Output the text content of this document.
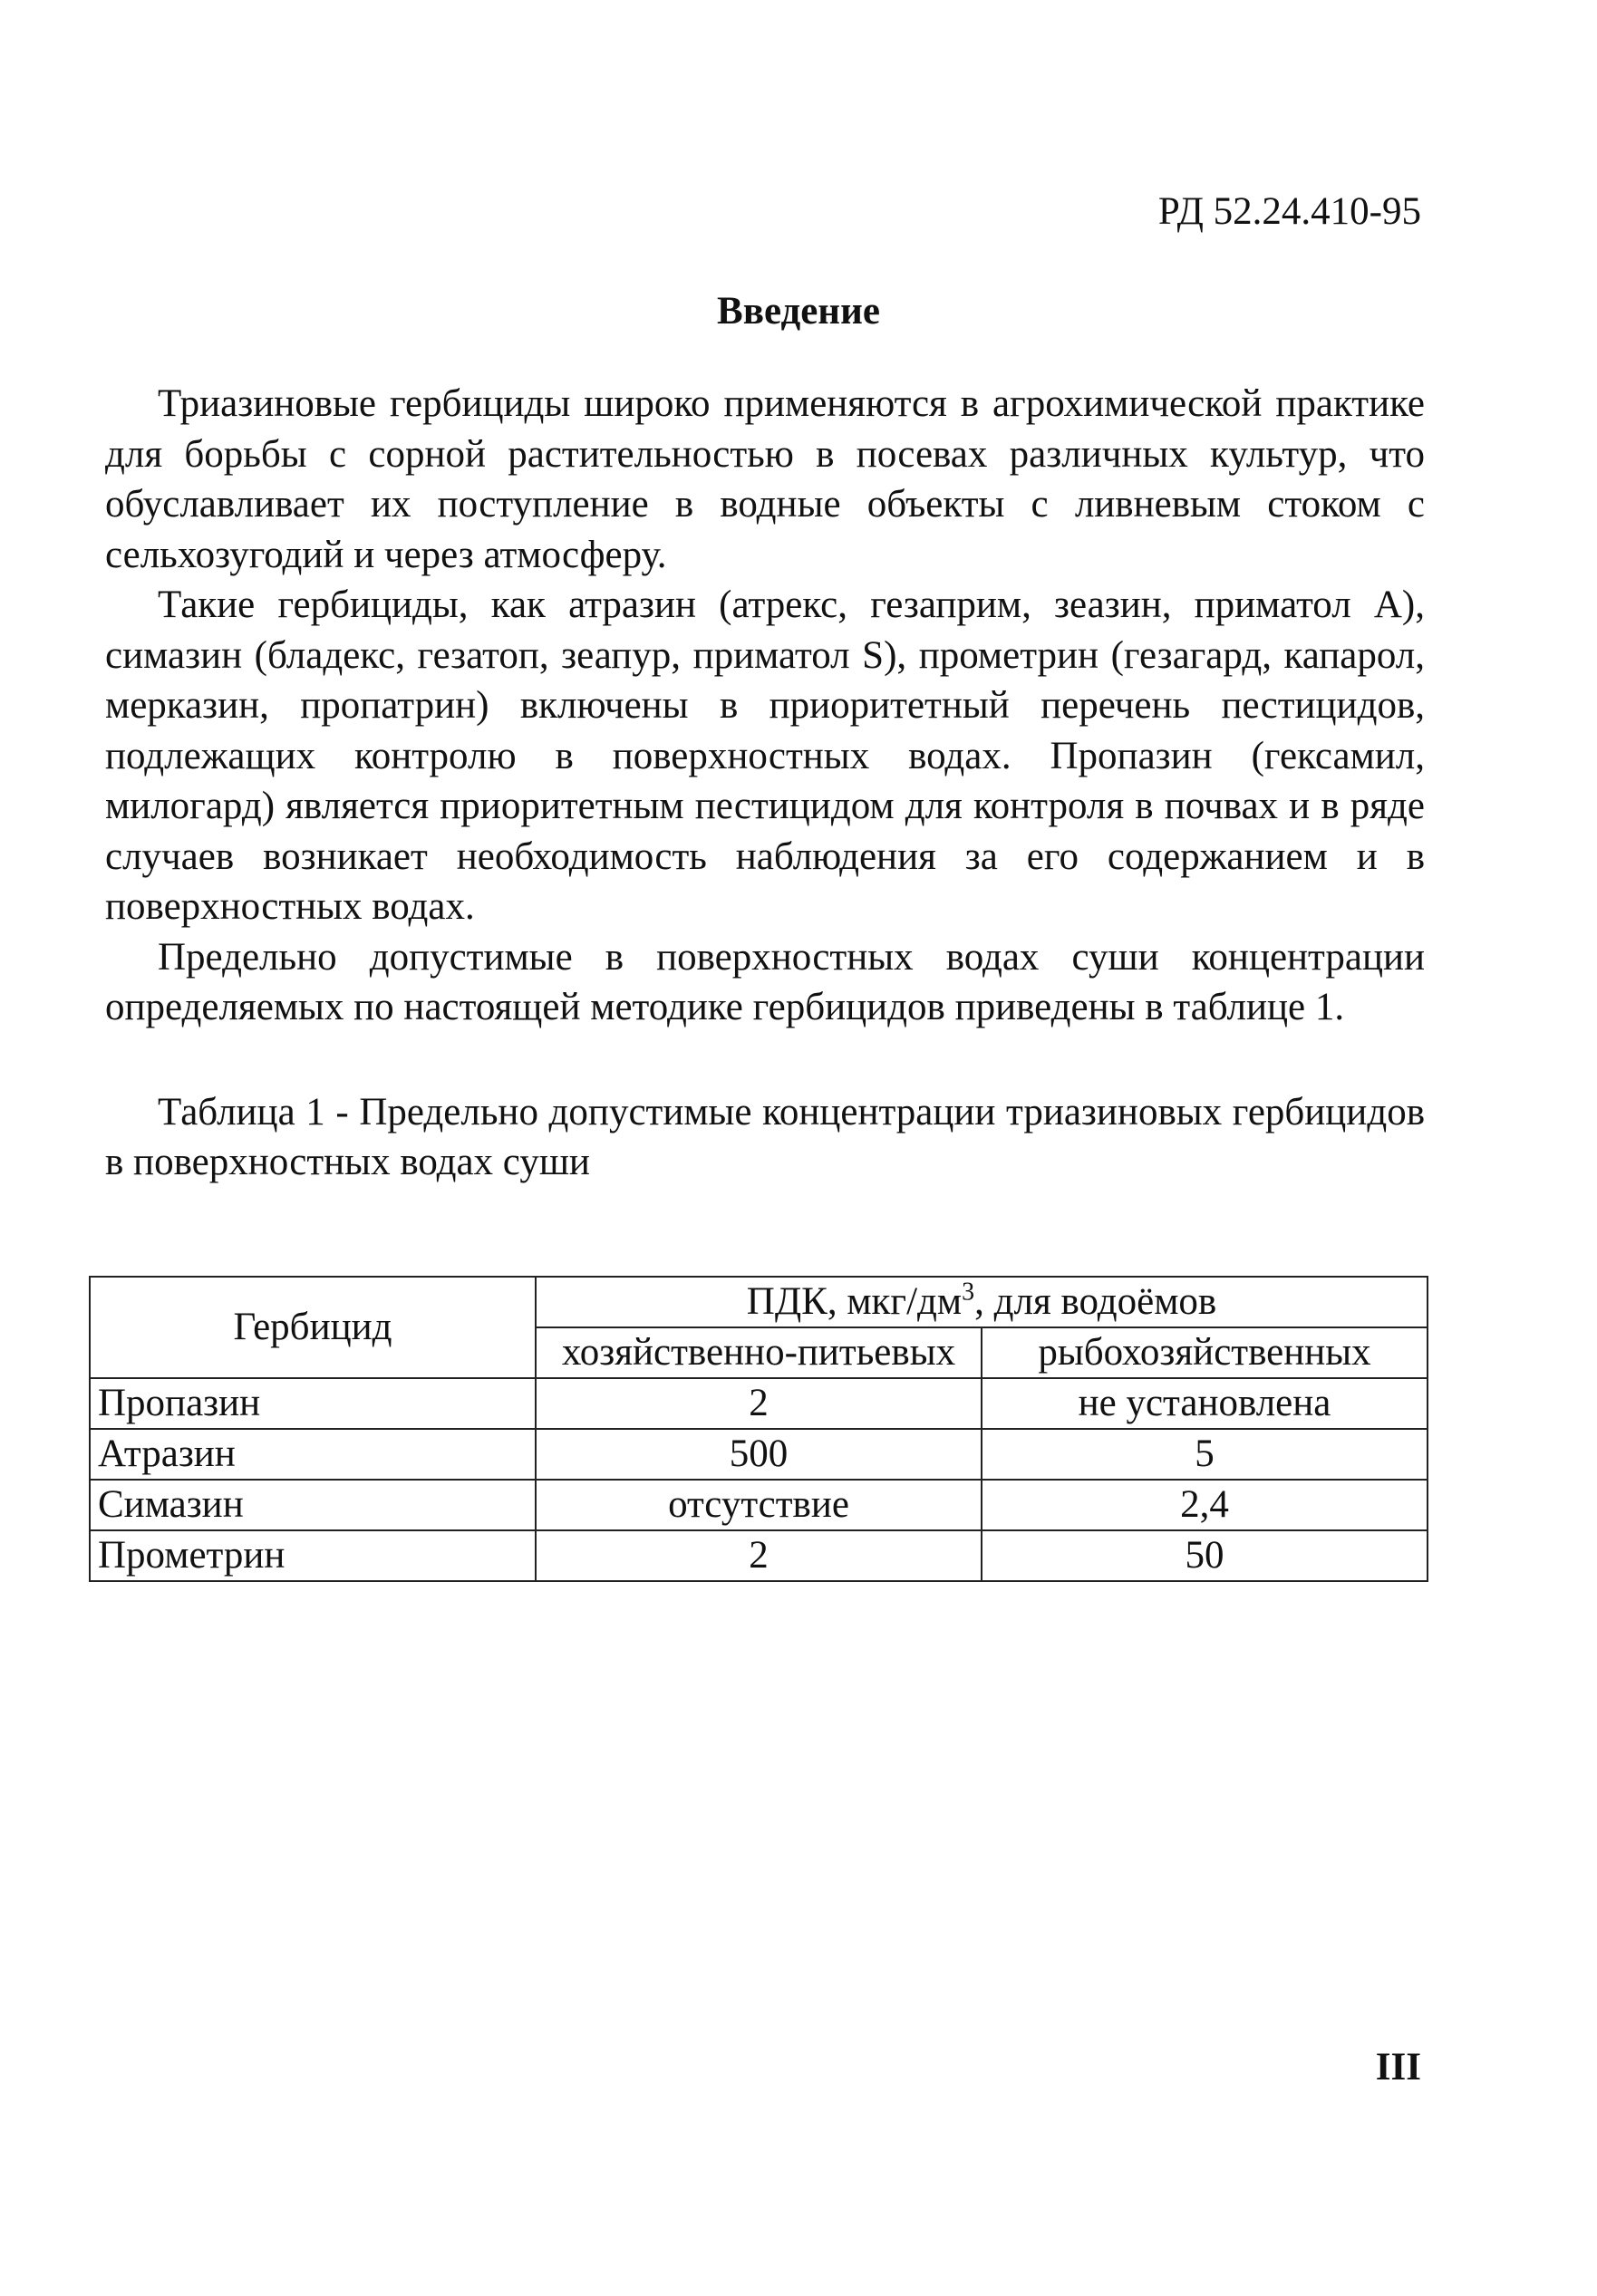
РД 52.24.410-95
Введение

Триазиновые гербициды широко применяются в агрохимической практике для борьбы с сорной растительностью в посевах различных культур, что обуславливает их поступление в водные объекты с ливневым стоком с сельхозугодий и через атмосферу.

Такие гербициды, как атразин (атрекс, гезаприм, зеазин, приматол А), симазин (бладекс, гезатоп, зеапур, приматол S), прометрин (гезагард, капарол, мерказин, пропатрин) включены в приоритетный перечень пестицидов, подлежащих контролю в поверхностных водах. Пропазин (гексамил, милогард) является приоритетным пестицидом для контроля в почвах и в ряде случаев возникает необходимость наблюдения за его содержанием и в поверхностных водах.

Предельно допустимые в поверхностных водах суши концентрации определяемых по настоящей методике гербицидов приведены в таблице 1.

Таблица 1 - Предельно допустимые концентрации триазиновых гербицидов в поверхностных водах суши

Гербицид	ПДК, мкг/$дм^3$, для водоёмов	
	хозяйственно-питьевых	рыбохозяйственных
Пропазин	2	не установлена
Атразин	500	5
Симазин	отсутствие	2,4
Прометрин	2	50
III
